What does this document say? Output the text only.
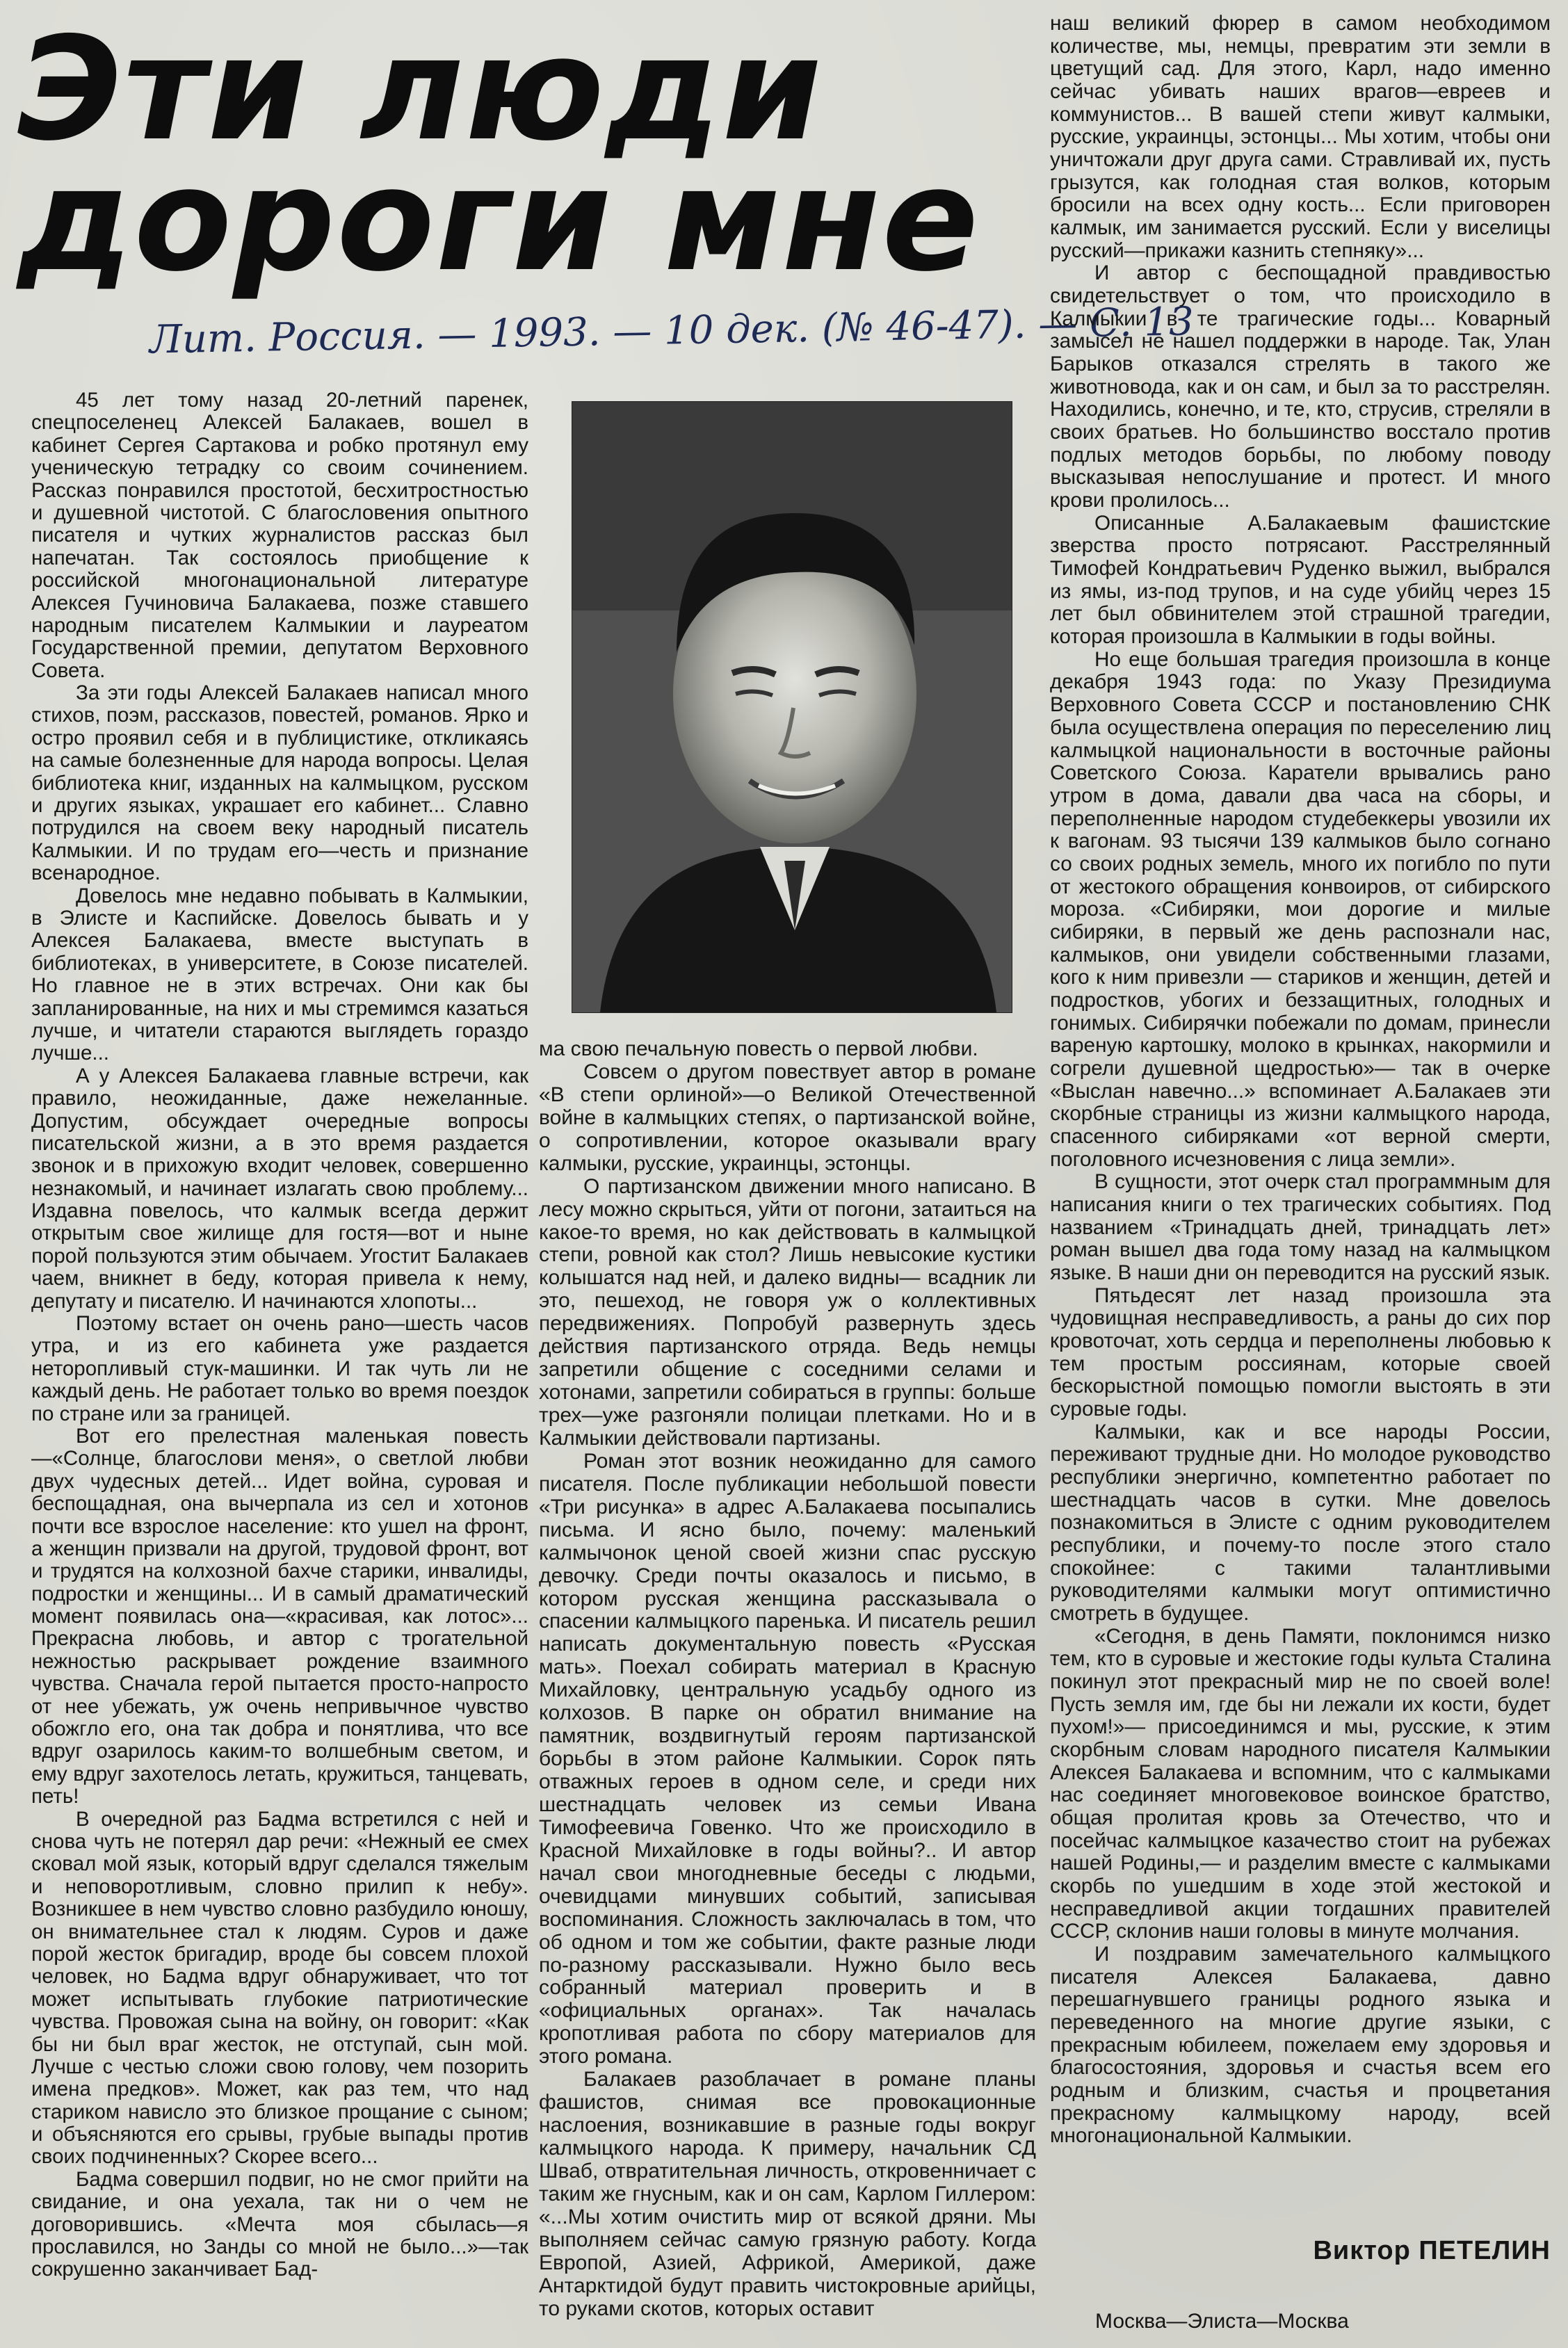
Эти люди
дороги мне
Лит. Россия. — 1993. — 10 дек. (№ 46-47). — С. 13

45 лет тому назад 20-летний паренек, спецпоселенец Алексей Балакаев, вошел в кабинет Сергея Сартакова и робко протянул ему ученическую тетрадку со своим сочинением. Рассказ понравился простотой, бесхитростностью и душевной чистотой. С благословения опытного писателя и чутких журналистов рассказ был напечатан. Так состоялось приобщение к российской многонациональной литературе Алексея Гучиновича Балакаева, позже ставшего народным писателем Калмыкии и лауреатом Государственной премии, депутатом Верховного Совета.

За эти годы Алексей Балакаев написал много стихов, поэм, рассказов, повестей, романов. Ярко и остро проявил себя и в публицистике, откликаясь на самые болезненные для народа вопросы. Целая библиотека книг, изданных на калмыцком, русском и других языках, украшает его кабинет... Славно потрудился на своем веку народный писатель Калмыкии. И по трудам его—честь и признание всенародное.

Довелось мне недавно побывать в Калмыкии, в Элисте и Каспийске. Довелось бывать и у Алексея Балакаева, вместе выступать в библиотеках, в университете, в Союзе писателей. Но главное не в этих встречах. Они как бы запланированные, на них и мы стремимся казаться лучше, и читатели стараются выглядеть гораздо лучше...

А у Алексея Балакаева главные встречи, как правило, неожиданные, даже нежеланные. Допустим, обсуждает очередные вопросы писательской жизни, а в это время раздается звонок и в прихожую входит человек, совершенно незнакомый, и начинает излагать свою проблему... Издавна повелось, что калмык всегда держит открытым свое жилище для гостя—вот и ныне порой пользуются этим обычаем. Угостит Балакаев чаем, вникнет в беду, которая привела к нему, депутату и писателю. И начинаются хлопоты...

Поэтому встает он очень рано—шесть часов утра, и из его кабинета уже раздается неторопливый стук-машинки. И так чуть ли не каждый день. Не работает только во время поездок по стране или за границей.

Вот его прелестная маленькая повесть—«Солнце, благослови меня», о светлой любви двух чудесных детей... Идет война, суровая и беспощадная, она вычерпала из сел и хотонов почти все взрослое население: кто ушел на фронт, а женщин призвали на другой, трудовой фронт, вот и трудятся на колхозной бахче старики, инвалиды, подростки и женщины... И в самый драматический момент появилась она—«красивая, как лотос»... Прекрасна любовь, и автор с трогательной нежностью раскрывает рождение взаимного чувства. Сначала герой пытается просто-напросто от нее убежать, уж очень непривычное чувство обожгло его, она так добра и понятлива, что все вдруг озарилось каким-то волшебным светом, и ему вдруг захотелось летать, кружиться, танцевать, петь!

В очередной раз Бадма встретился с ней и снова чуть не потерял дар речи: «Нежный ее смех сковал мой язык, который вдруг сделался тяжелым и неповоротливым, словно прилип к небу». Возникшее в нем чувство словно разбудило юношу, он внимательнее стал к людям. Суров и даже порой жесток бригадир, вроде бы совсем плохой человек, но Бадма вдруг обнаруживает, что тот может испытывать глубокие патриотические чувства. Провожая сына на войну, он говорит: «Как бы ни был враг жесток, не отступай, сын мой. Лучше с честью сложи свою голову, чем позорить имена предков». Может, как раз тем, что над стариком нависло это близкое прощание с сыном; и объясняются его срывы, грубые выпады против своих подчиненных? Скорее всего...

Бадма совершил подвиг, но не смог прийти на свидание, и она уехала, так ни о чем не договорившись. «Мечта моя сбылась—я прославился, но Занды со мной не было...»—так сокрушенно заканчивает Бад-

ма свою печальную повесть о первой любви.

Совсем о другом повествует автор в романе «В степи орлиной»—о Великой Отечественной войне в калмыцких степях, о партизанской войне, о сопротивлении, которое оказывали врагу калмыки, русские, украинцы, эстонцы.

О партизанском движении много написано. В лесу можно скрыться, уйти от погони, затаиться на какое-то время, но как действовать в калмыцкой степи, ровной как стол? Лишь невысокие кустики колышатся над ней, и далеко видны— всадник ли это, пешеход, не говоря уж о коллективных передвижениях. Попробуй развернуть здесь действия партизанского отряда. Ведь немцы запретили общение с соседними селами и хотонами, запретили собираться в группы: больше трех—уже разгоняли полицаи плетками. Но и в Калмыкии действовали партизаны.

Роман этот возник неожиданно для самого писателя. После публикации небольшой повести «Три рисунка» в адрес А.Балакаева посыпались письма. И ясно было, почему: маленький калмычонок ценой своей жизни спас русскую девочку. Среди почты оказалось и письмо, в котором русская женщина рассказывала о спасении калмыцкого паренька. И писатель решил написать документальную повесть «Русская мать». Поехал собирать материал в Красную Михайловку, центральную усадьбу одного из колхозов. В парке он обратил внимание на памятник, воздвигнутый героям партизанской борьбы в этом районе Калмыкии. Сорок пять отважных героев в одном селе, и среди них шестнадцать человек из семьи Ивана Тимофеевича Говенко. Что же происходило в Красной Михайловке в годы войны?.. И автор начал свои многодневные беседы с людьми, очевидцами минувших событий, записывая воспоминания. Сложность заключалась в том, что об одном и том же событии, факте разные люди по-разному рассказывали. Нужно было весь собранный материал проверить и в «официальных органах». Так началась кропотливая работа по сбору материалов для этого романа.

Балакаев разоблачает в романе планы фашистов, снимая все провокационные наслоения, возникавшие в разные годы вокруг калмыцкого народа. К примеру, начальник СД Шваб, отвратительная личность, откровенничает с таким же гнусным, как и он сам, Карлом Гиллером: «...Мы хотим очистить мир от всякой дряни. Мы выполняем сейчас самую грязную работу. Когда Европой, Азией, Африкой, Америкой, даже Антарктидой будут править чистокровные арийцы, то руками скотов, которых оставит

наш великий фюрер в самом необходимом количестве, мы, немцы, превратим эти земли в цветущий сад. Для этого, Карл, надо именно сейчас убивать наших врагов—евреев и коммунистов... В вашей степи живут калмыки, русские, украинцы, эстонцы... Мы хотим, чтобы они уничтожали друг друга сами. Стравливай их, пусть грызутся, как голодная стая волков, которым бросили на всех одну кость... Если приговорен калмык, им занимается русский. Если у виселицы русский—прикажи казнить степняку»...

И автор с беспощадной правдивостью свидетельствует о том, что происходило в Калмыкии в те трагические годы... Коварный замысел не нашел поддержки в народе. Так, Улан Барыков отказался стрелять в такого же животновода, как и он сам, и был за то расстрелян. Находились, конечно, и те, кто, струсив, стреляли в своих братьев. Но большинство восстало против подлых методов борьбы, по любому поводу высказывая непослушание и протест. И много крови пролилось...

Описанные А.Балакаевым фашистские зверства просто потрясают. Расстрелянный Тимофей Кондратьевич Руденко выжил, выбрался из ямы, из-под трупов, и на суде убийц через 15 лет был обвинителем этой страшной трагедии, которая произошла в Калмыкии в годы войны.

Но еще большая трагедия произошла в конце декабря 1943 года: по Указу Президиума Верховного Совета СССР и постановлению СНК была осуществлена операция по переселению лиц калмыцкой национальности в восточные районы Советского Союза. Каратели врывались рано утром в дома, давали два часа на сборы, и переполненные народом студебеккеры увозили их к вагонам. 93 тысячи 139 калмыков было согнано со своих родных земель, много их погибло по пути от жестокого обращения конвоиров, от сибирского мороза. «Сибиряки, мои дорогие и милые сибиряки, в первый же день распознали нас, калмыков, они увидели собственными глазами, кого к ним привезли — стариков и женщин, детей и подростков, убогих и беззащитных, голодных и гонимых. Сибирячки побежали по домам, принесли вареную картошку, молоко в крынках, накормили и согрели душевной щедростью»— так в очерке «Выслан навечно...» вспоминает А.Балакаев эти скорбные страницы из жизни калмыцкого народа, спасенного сибиряками «от верной смерти, поголовного исчезновения с лица земли».

В сущности, этот очерк стал программным для написания книги о тех трагических событиях. Под названием «Тринадцать дней, тринадцать лет» роман вышел два года тому назад на калмыцком языке. В наши дни он переводится на русский язык.

Пятьдесят лет назад произошла эта чудовищная несправедливость, а раны до сих пор кровоточат, хоть сердца и переполнены любовью к тем простым россиянам, которые своей бескорыстной помощью помогли выстоять в эти суровые годы.

Калмыки, как и все народы России, переживают трудные дни. Но молодое руководство республики энергично, компетентно работает по шестнадцать часов в сутки. Мне довелось познакомиться в Элисте с одним руководителем республики, и почему-то после этого стало спокойнее: с такими талантливыми руководителями калмыки могут оптимистично смотреть в будущее.

«Сегодня, в день Памяти, поклонимся низко тем, кто в суровые и жестокие годы культа Сталина покинул этот прекрасный мир не по своей воле! Пусть земля им, где бы ни лежали их кости, будет пухом!»— присоединимся и мы, русские, к этим скорбным словам народного писателя Калмыкии Алексея Балакаева и вспомним, что с калмыками нас соединяет многовековое воинское братство, общая пролитая кровь за Отечество, что и посейчас калмыцкое казачество стоит на рубежах нашей Родины,— и разделим вместе с калмыками скорбь по ушедшим в ходе этой жестокой и несправедливой акции тогдашних правителей СССР, склонив наши головы в минуте молчания.

И поздравим замечательного калмыцкого писателя Алексея Балакаева, давно перешагнувшего границы родного языка и переведенного на многие другие языки, с прекрасным юбилеем, пожелаем ему здоровья и благосостояния, здоровья и счастья всем его родным и близким, счастья и процветания прекрасному калмыцкому народу, всей многонациональной Калмыкии.

Виктор ПЕТЕЛИН
Москва—Элиста—Москва
